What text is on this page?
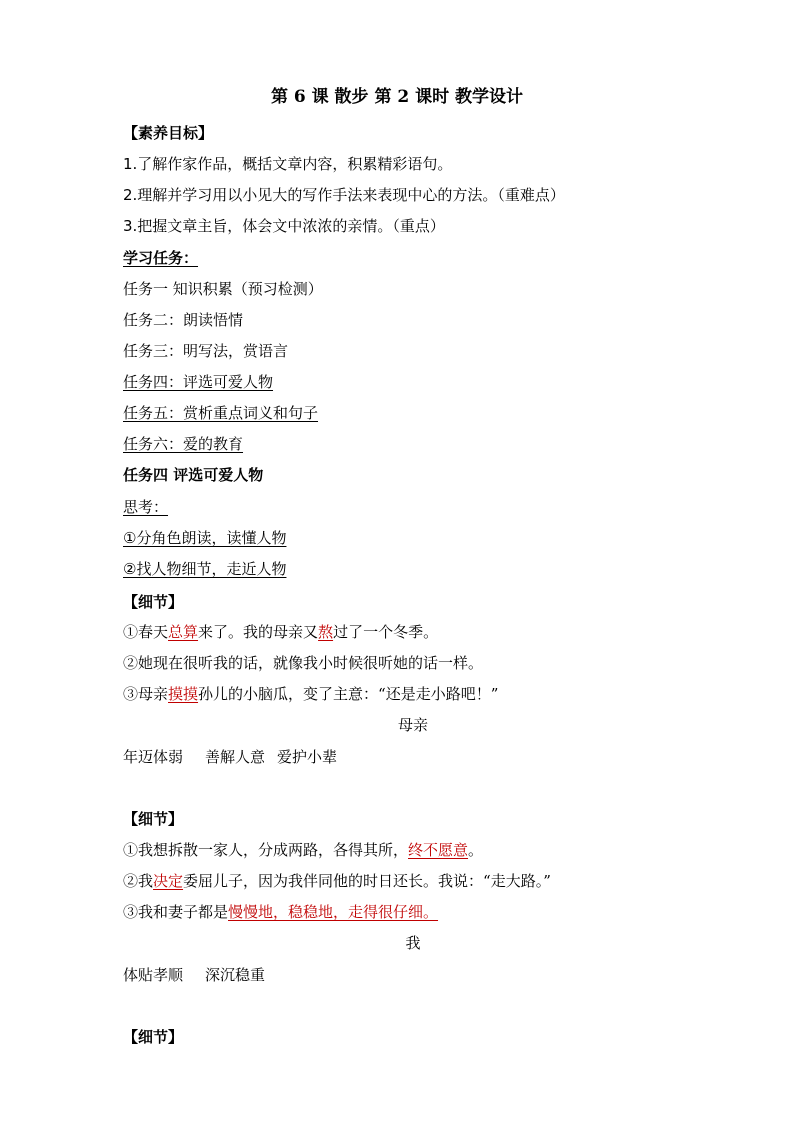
第 6 课 散步 第 2 课时 教学设计
【素养目标】
1.了解作家作品，概括文章内容，积累精彩语句。
2.理解并学习用以小见大的写作手法来表现中心的方法。（重难点）
3.把握文章主旨，体会文中浓浓的亲情。（重点）
学习任务：
任务一 知识积累（预习检测）
任务二：朗读悟情
任务三：明写法，赏语言
任务四：评选可爱人物
任务五：赏析重点词义和句子
任务六：爱的教育
任务四 评选可爱人物
思考：
①分角色朗读，读懂人物
②找人物细节，走近人物
【细节】
①春天总算来了。我的母亲又熬过了一个冬季。
②她现在很听我的话，就像我小时候很听她的话一样。
③母亲摸摸孙儿的小脑瓜，变了主意：“还是走小路吧！”
母亲
年迈体弱 善解人意 爱护小辈
【细节】
①我想拆散一家人，分成两路，各得其所，终不愿意。
②我决定委屈儿子，因为我伴同他的时日还长。我说：“走大路。”
③我和妻子都是慢慢地，稳稳地，走得很仔细。
我
体贴孝顺 深沉稳重
【细节】
